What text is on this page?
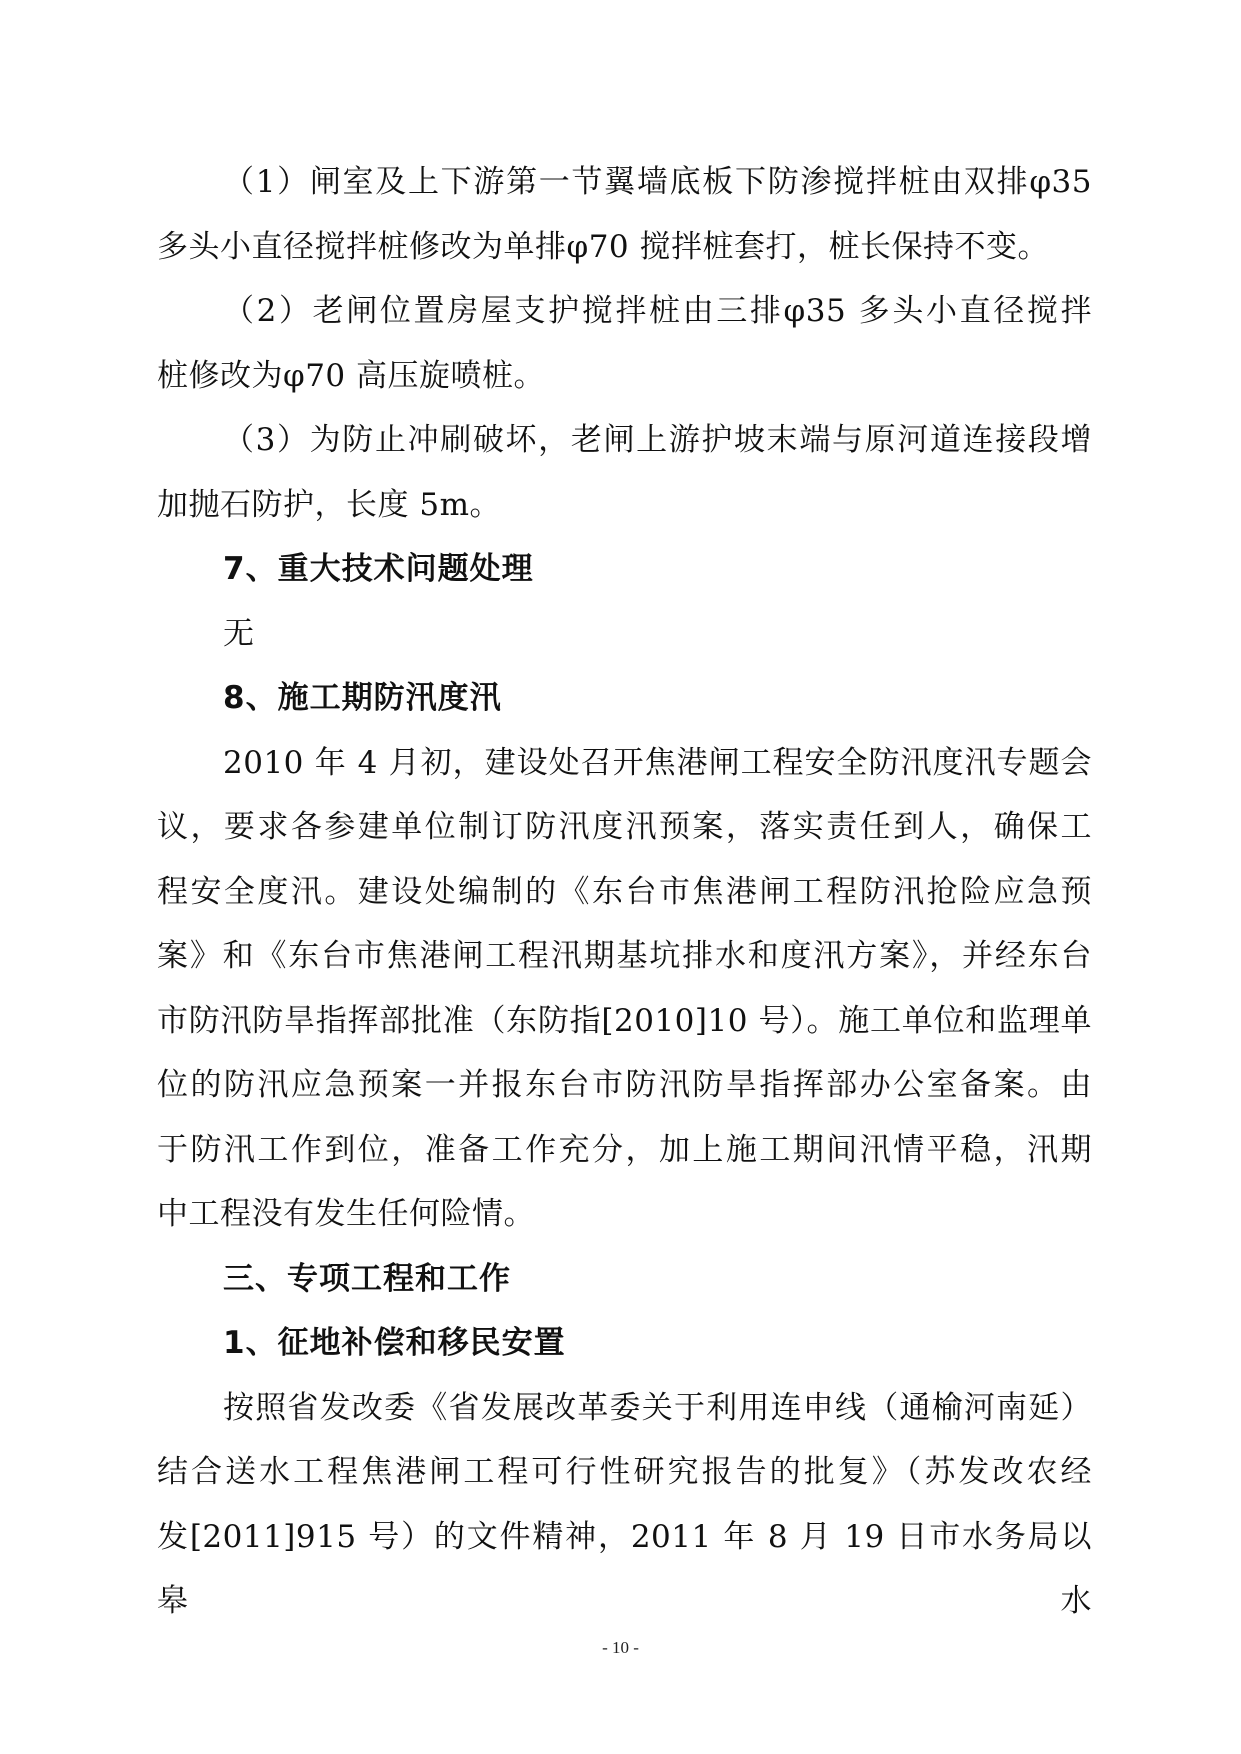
（1）闸室及上下游第一节翼墙底板下防渗搅拌桩由双排φ35

多头小直径搅拌桩修改为单排φ70 搅拌桩套打，桩长保持不变。

（2）老闸位置房屋支护搅拌桩由三排φ35 多头小直径搅拌

桩修改为φ70 高压旋喷桩。

（3）为防止冲刷破坏，老闸上游护坡末端与原河道连接段增

加抛石防护，长度 5m。

7、重大技术问题处理

无

8、施工期防汛度汛

2010 年 4 月初，建设处召开焦港闸工程安全防汛度汛专题会

议，要求各参建单位制订防汛度汛预案，落实责任到人，确保工

程安全度汛。建设处编制的《东台市焦港闸工程防汛抢险应急预

案》和《东台市焦港闸工程汛期基坑排水和度汛方案》，并经东台

市防汛防旱指挥部批准（东防指[2010]10 号）。施工单位和监理单

位的防汛应急预案一并报东台市防汛防旱指挥部办公室备案。由

于防汛工作到位，准备工作充分，加上施工期间汛情平稳，汛期

中工程没有发生任何险情。

三、专项工程和工作

1、征地补偿和移民安置

按照省发改委《省发展改革委关于利用连申线（通榆河南延）

结合送水工程焦港闸工程可行性研究报告的批复》（苏发改农经

发[2011]915 号）的文件精神，2011 年 8 月 19 日市水务局以皋水

- 10 -
